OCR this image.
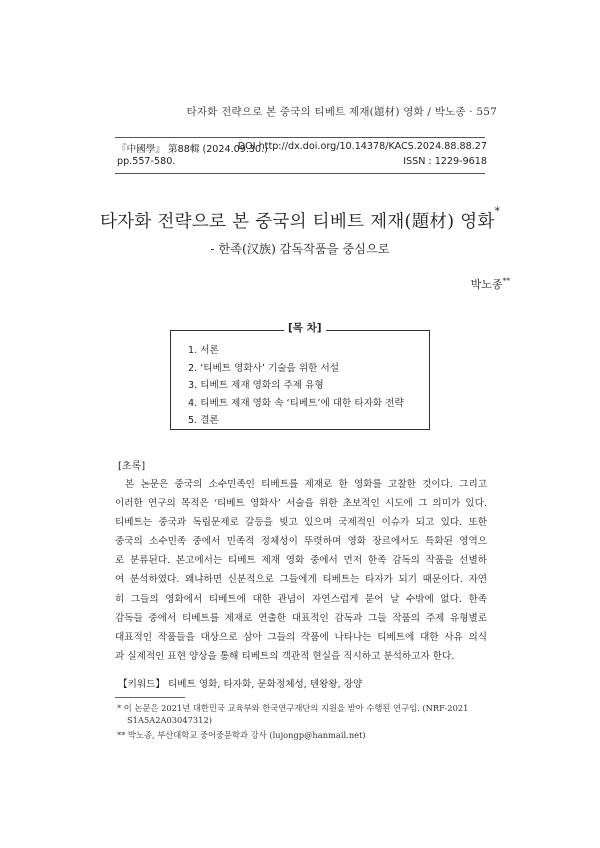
타자화 전략으로 본 중국의 티베트 제재(題材) 영화 / 박노종 · 557
『中國學』 第88輯 (2024.09.30.)
DOI http://dx.doi.org/10.14378/KACS.2024.88.88.27
pp.557-580.	ISSN : 1229-9618
타자화 전략으로 본 중국의 티베트 제재(題材) 영화*
- 한족(汉族) 감독작품을 중심으로
박노종**
[목 차]
1. 서론
2. ‘티베트 영화사’ 기술을 위한 서설
3. 티베트 제재 영화의 주제 유형
4. 티베트 제재 영화 속 ‘티베트’에 대한 타자화 전략
5. 결론
[초록]
본 논문은 중국의 소수민족인 티베트를 제재로 한 영화를 고찰한 것이다. 그리고
이러한 연구의 목적은 ‘티베트 영화사’ 서술을 위한 초보적인 시도에 그 의미가 있다.
티베트는 중국과 독립문제로 갈등을 빚고 있으며 국제적인 이슈가 되고 있다. 또한
중국의 소수민족 중에서 민족적 정체성이 뚜렷하며 영화 장르에서도 특화된 영역으
로 분류된다. 본고에서는 티베트 제재 영화 중에서 먼저 한족 감독의 작품을 선별하
여 분석하였다. 왜냐하면 신분적으로 그들에게 티베트는 타자가 되기 때문이다. 자연
히 그들의 영화에서 티베트에 대한 관념이 자연스럽게 묻어 날 수밖에 없다. 한족
감독들 중에서 티베트를 제재로 연출한 대표적인 감독과 그들 작품의 주제 유형별로
대표적인 작품들을 대상으로 삼아 그들의 작품에 나타나는 티베트에 대한 사유 의식
과 실제적인 표현 양상을 통해 티베트의 객관적 현실을 직시하고 분석하고자 한다.
【키워드】 티베트 영화, 타자화, 문화정체성, 텐왕왕, 장양
* 이 논문은 2021년 대한민국 교육부와 한국연구재단의 지원을 받아 수행된 연구임. (NRF-2021
S1A5A2A03047312)
** 박노종, 부산대학교 중어중문학과 강사 (lujongp@hanmail.net)
